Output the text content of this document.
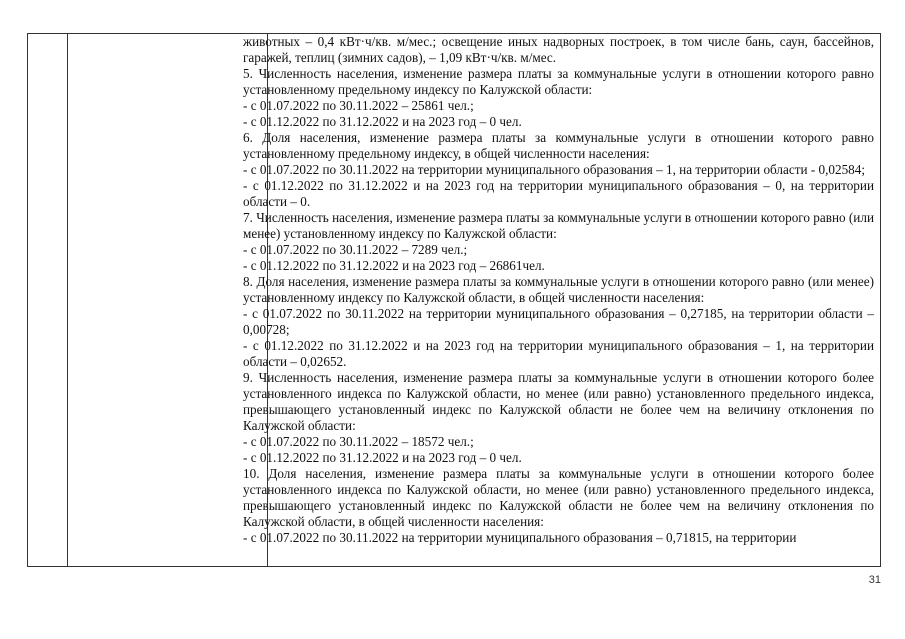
животных – 0,4 кВт·ч/кв. м/мес.; освещение иных надворных построек, в том числе бань, саун, бассейнов, гаражей, теплиц (зимних садов), – 1,09 кВт·ч/кв. м/мес.

5. Численность населения, изменение размера платы за коммунальные услуги в отношении которого равно установленному предельному индексу по Калужской области:

- с 01.07.2022 по 30.11.2022 – 25861 чел.;

- с 01.12.2022 по 31.12.2022 и на 2023 год – 0 чел.

6. Доля населения, изменение размера платы за коммунальные услуги в отношении которого равно установленному предельному индексу, в общей численности населения:

- с 01.07.2022 по 30.11.2022 на территории муниципального образования – 1, на территории области - 0,02584;

- с 01.12.2022 по 31.12.2022 и на 2023 год на территории муниципального образования – 0, на территории области – 0.

7. Численность населения, изменение размера платы за коммунальные услуги в отношении которого равно (или менее) установленному индексу по Калужской области:

- с 01.07.2022 по 30.11.2022 – 7289 чел.;

- с 01.12.2022 по 31.12.2022 и на 2023 год – 26861чел.

8. Доля населения, изменение размера платы за коммунальные услуги в отношении которого равно (или менее) установленному индексу по Калужской области, в общей численности населения:

- с 01.07.2022 по 30.11.2022 на территории муниципального образования – 0,27185, на территории области – 0,00728;

- с 01.12.2022 по 31.12.2022 и на 2023 год на территории муниципального образования – 1, на территории области – 0,02652.

9. Численность населения, изменение размера платы за коммунальные услуги в отношении которого более установленного индекса по Калужской области, но менее (или равно) установленного предельного индекса, превышающего установленный индекс по Калужской области не более чем на величину отклонения по Калужской области:

- с 01.07.2022 по 30.11.2022 – 18572 чел.;

- с 01.12.2022 по 31.12.2022 и на 2023 год – 0 чел.

10. Доля населения, изменение размера платы за коммунальные услуги в отношении которого более установленного индекса по Калужской области, но менее (или равно) установленного предельного индекса, превышающего установленный индекс по Калужской области не более чем на величину отклонения по Калужской области, в общей численности населения:

- с 01.07.2022 по 30.11.2022 на территории муниципального образования – 0,71815, на территории

31
